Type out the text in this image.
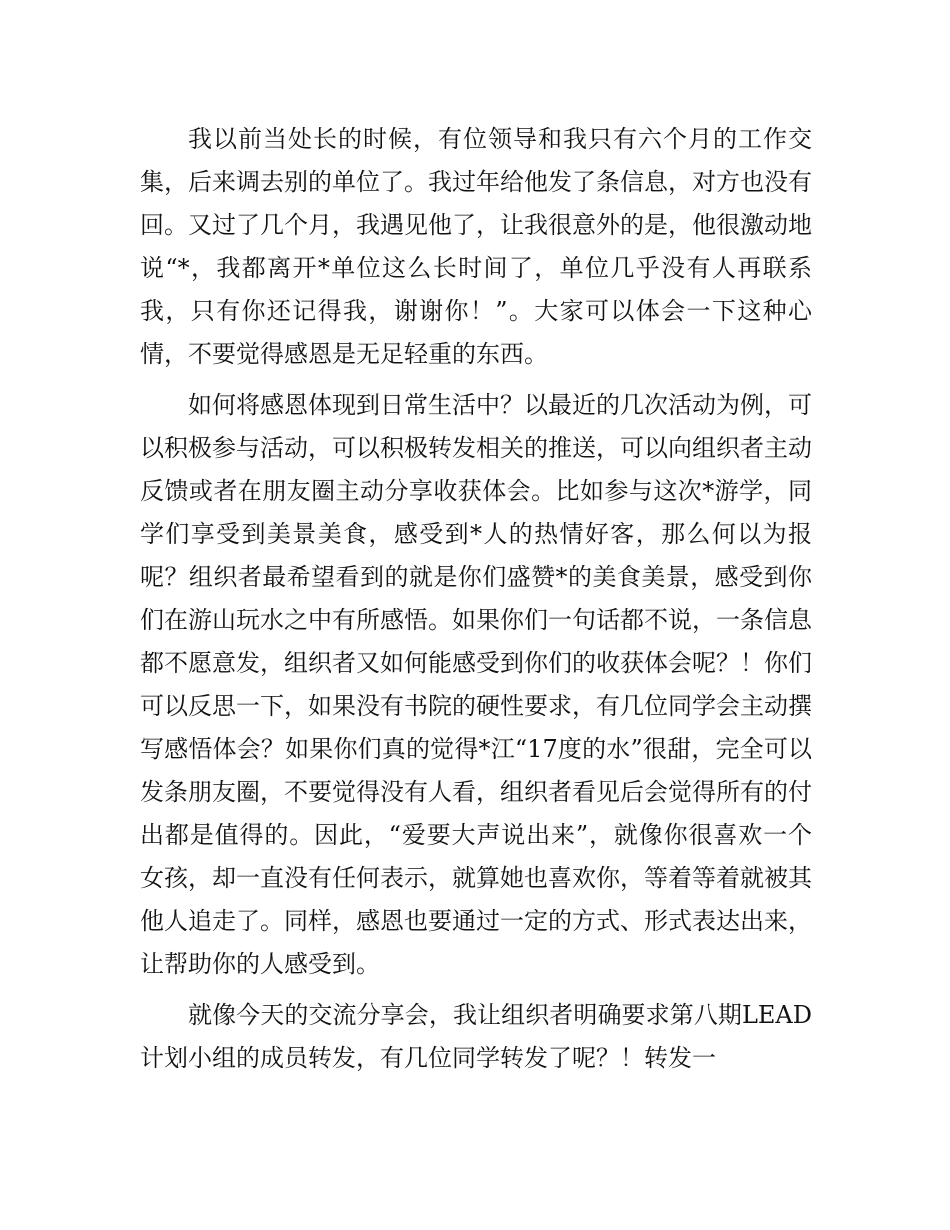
我以前当处长的时候，有位领导和我只有六个月的工作交集，后来调去别的单位了。我过年给他发了条信息，对方也没有回。又过了几个月，我遇见他了，让我很意外的是，他很激动地说“*，我都离开*单位这么长时间了，单位几乎没有人再联系我，只有你还记得我，谢谢你！”。大家可以体会一下这种心情，不要觉得感恩是无足轻重的东西。

如何将感恩体现到日常生活中？以最近的几次活动为例，可以积极参与活动，可以积极转发相关的推送，可以向组织者主动反馈或者在朋友圈主动分享收获体会。比如参与这次*游学，同学们享受到美景美食，感受到*人的热情好客，那么何以为报呢？组织者最希望看到的就是你们盛赞*的美食美景，感受到你们在游山玩水之中有所感悟。如果你们一句话都不说，一条信息都不愿意发，组织者又如何能感受到你们的收获体会呢？！你们可以反思一下，如果没有书院的硬性要求，有几位同学会主动撰写感悟体会？如果你们真的觉得*江“17度的水”很甜，完全可以发条朋友圈，不要觉得没有人看，组织者看见后会觉得所有的付出都是值得的。因此，“爱要大声说出来”，就像你很喜欢一个女孩，却一直没有任何表示，就算她也喜欢你，等着等着就被其他人追走了。同样，感恩也要通过一定的方式、形式表达出来，让帮助你的人感受到。

就像今天的交流分享会，我让组织者明确要求第八期LEAD计划小组的成员转发，有几位同学转发了呢？！转发一
